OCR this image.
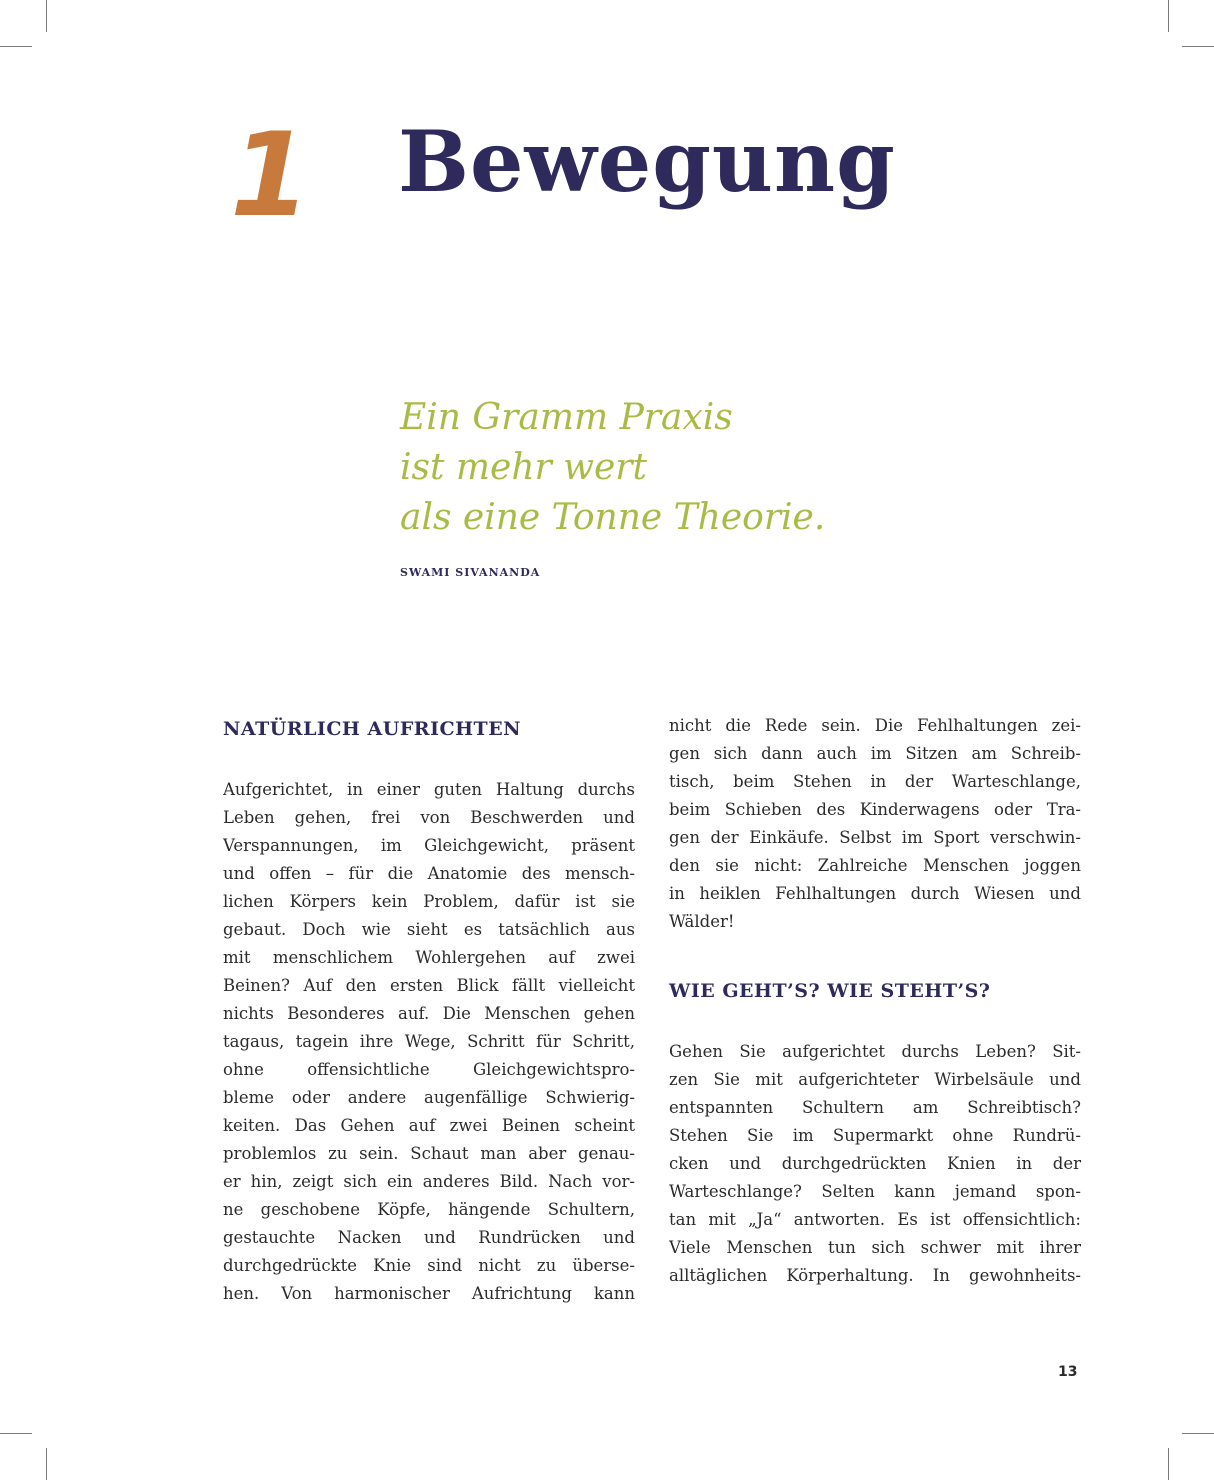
1 Bewegung
Ein Gramm Praxis
ist mehr wert
als eine Tonne Theorie.
SWAMI SIVANANDA
NATÜRLICH AUFRICHTEN
Aufgerichtet, in einer guten Haltung durchs
Leben gehen, frei von Beschwerden und
Verspannungen, im Gleichgewicht, präsent
und offen – für die Anatomie des mensch-
lichen Körpers kein Problem, dafür ist sie
gebaut. Doch wie sieht es tatsächlich aus
mit menschlichem Wohlergehen auf zwei
Beinen? Auf den ersten Blick fällt vielleicht
nichts Besonderes auf. Die Menschen gehen
tagaus, tagein ihre Wege, Schritt für Schritt,
ohne offensichtliche Gleichgewichtspro-
bleme oder andere augenfällige Schwierig-
keiten. Das Gehen auf zwei Beinen scheint
problemlos zu sein. Schaut man aber genau-
er hin, zeigt sich ein anderes Bild. Nach vor-
ne geschobene Köpfe, hängende Schultern,
gestauchte Nacken und Rundrücken und
durchgedrückte Knie sind nicht zu überse-
hen. Von harmonischer Aufrichtung kann
nicht die Rede sein. Die Fehlhaltungen zei-
gen sich dann auch im Sitzen am Schreib-
tisch, beim Stehen in der Warteschlange,
beim Schieben des Kinderwagens oder Tra-
gen der Einkäufe. Selbst im Sport verschwin-
den sie nicht: Zahlreiche Menschen joggen
in heiklen Fehlhaltungen durch Wiesen und
Wälder!
WIE GEHT’S? WIE STEHT’S?
Gehen Sie aufgerichtet durchs Leben? Sit-
zen Sie mit aufgerichteter Wirbelsäule und
entspannten Schultern am Schreibtisch?
Stehen Sie im Supermarkt ohne Rundrü-
cken und durchgedrückten Knien in der
Warteschlange? Selten kann jemand spon-
tan mit „Ja“ antworten. Es ist offensichtlich:
Viele Menschen tun sich schwer mit ihrer
alltäglichen Körperhaltung. In gewohnheits-
13
